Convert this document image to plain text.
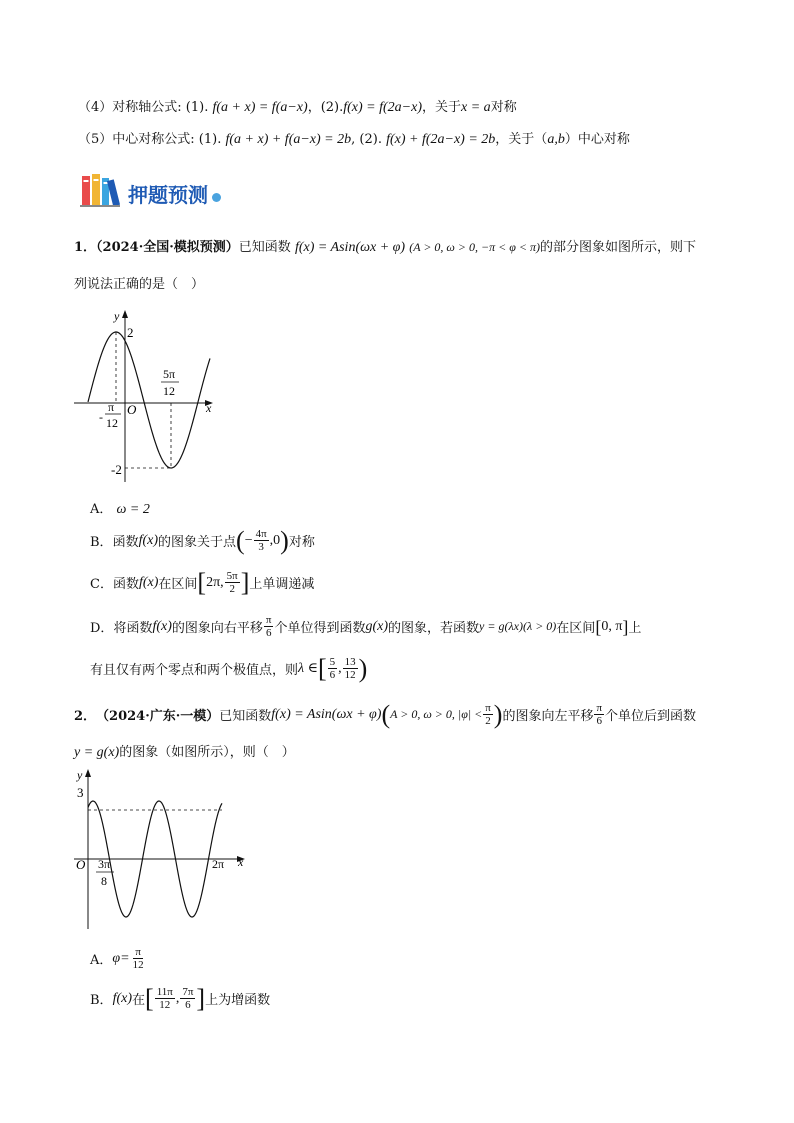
（4）对称轴公式: (1). f(a + x) = f(a−x)，(2).f(x) = f(2a−x)，关于x = a对称
（5）中心对称公式: (1). f(a + x) + f(a−x) = 2b, (2). f(x) + f(2a−x) = 2b，关于（a,b）中心对称
押题预测
1．（2024·全国·模拟预测）已知函数 f(x) = Asin(ωx + φ) (A > 0, ω > 0, −π < φ < π)的部分图象如图所示，则下
列说法正确的是（　）
y
x
O
2
-2
π
12
-
5π
12
A． ω = 2
B． 函数 f(x) 的图象关于点 ( − $\frac{4\pi}{3} ,0$ ) 对称
C． 函数 f(x) 在区间 [ 2π, $\frac{5\pi}{2}$ ] 上单调递减
D． 将函数 f(x) 的图象向右平移 $\frac{\pi}{6}$ 个单位得到函数 g(x) 的图象，若函数 y = g(λx) (λ > 0) 在区间 [ 0, π ] 上
有且仅有两个零点和两个极值点，则 λ ∈ [ $\frac{5}{6}$ , $\frac{13}{12}$ )
2． （2024·广东·一模） 已知函数 f(x) = Asin(ωx + φ) ( A > 0, ω > 0, $|\varphi| < \frac{\pi}{2}$ ) 的图象向左平移 $\frac{\pi}{6}$ 个单位后到函数
y = g(x)的图象（如图所示），则（　）
y
x
O
3
3π
8
2π
A． $\varphi= \frac{\pi}{12}$
B． f(x) 在 [ $\frac{11\pi}{12}$ , $\frac{7\pi}{6}$ ] 上为增函数
